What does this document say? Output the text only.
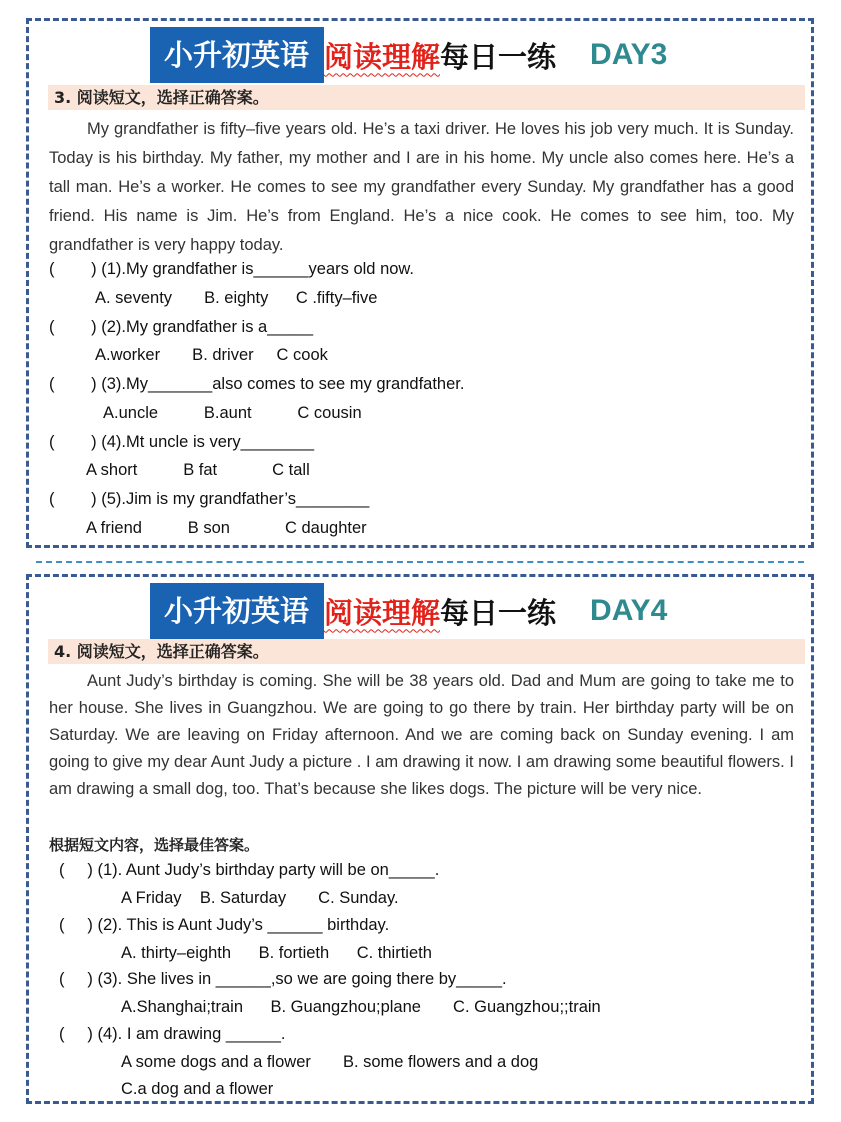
小升初英语 阅读理解 每日一练 DAY3
3. 阅读短文，选择正确答案。

My grandfather is fifty–five years old. He’s a taxi driver. He loves his job very much. It is Sunday. Today is his birthday. My father, my mother and I are in his home. My uncle also comes here. He’s a tall man. He’s a worker. He comes to see my grandfather every Sunday. My grandfather has a good friend. His name is Jim. He’s from England. He’s a nice cook. He comes to see him, too. My grandfather is very happy today.

(        ) (1).My grandfather is______years old now.

A. seventy       B. eighty      C .fifty–five

(        ) (2).My grandfather is a_____

A.worker       B. driver     C cook

(        ) (3).My_______also comes to see my grandfather.

A.uncle          B.aunt          C cousin

(        ) (4).Mt uncle is very________

A short          B fat            C tall

(        ) (5).Jim is my grandfather’s________

A friend          B son            C daughter

小升初英语 阅读理解 每日一练 DAY4
4. 阅读短文，选择正确答案。

Aunt Judy’s birthday is coming. She will be 38 years old. Dad and Mum are going to take me to her house. She lives in Guangzhou. We are going to go there by train. Her birthday party will be on Saturday. We are leaving on Friday afternoon. And we are coming back on Sunday evening. I am going to give my dear Aunt Judy a picture . I am drawing it now. I am drawing some beautiful flowers. I am drawing a small dog, too. That’s because she likes dogs. The picture will be very nice.

根据短文内容，选择最佳答案。

(     ) (1). Aunt Judy’s birthday party will be on_____.

A Friday    B. Saturday       C. Sunday.

(     ) (2). This is Aunt Judy’s ______ birthday.

A. thirty–eighth      B. fortieth      C. thirtieth

(     ) (3). She lives in ______,so we are going there by_____.

A.Shanghai;train      B. Guangzhou;plane       C. Guangzhou;;train

(     ) (4). I am drawing ______.

A some dogs and a flower       B. some flowers and a dog

C.a dog and a flower
